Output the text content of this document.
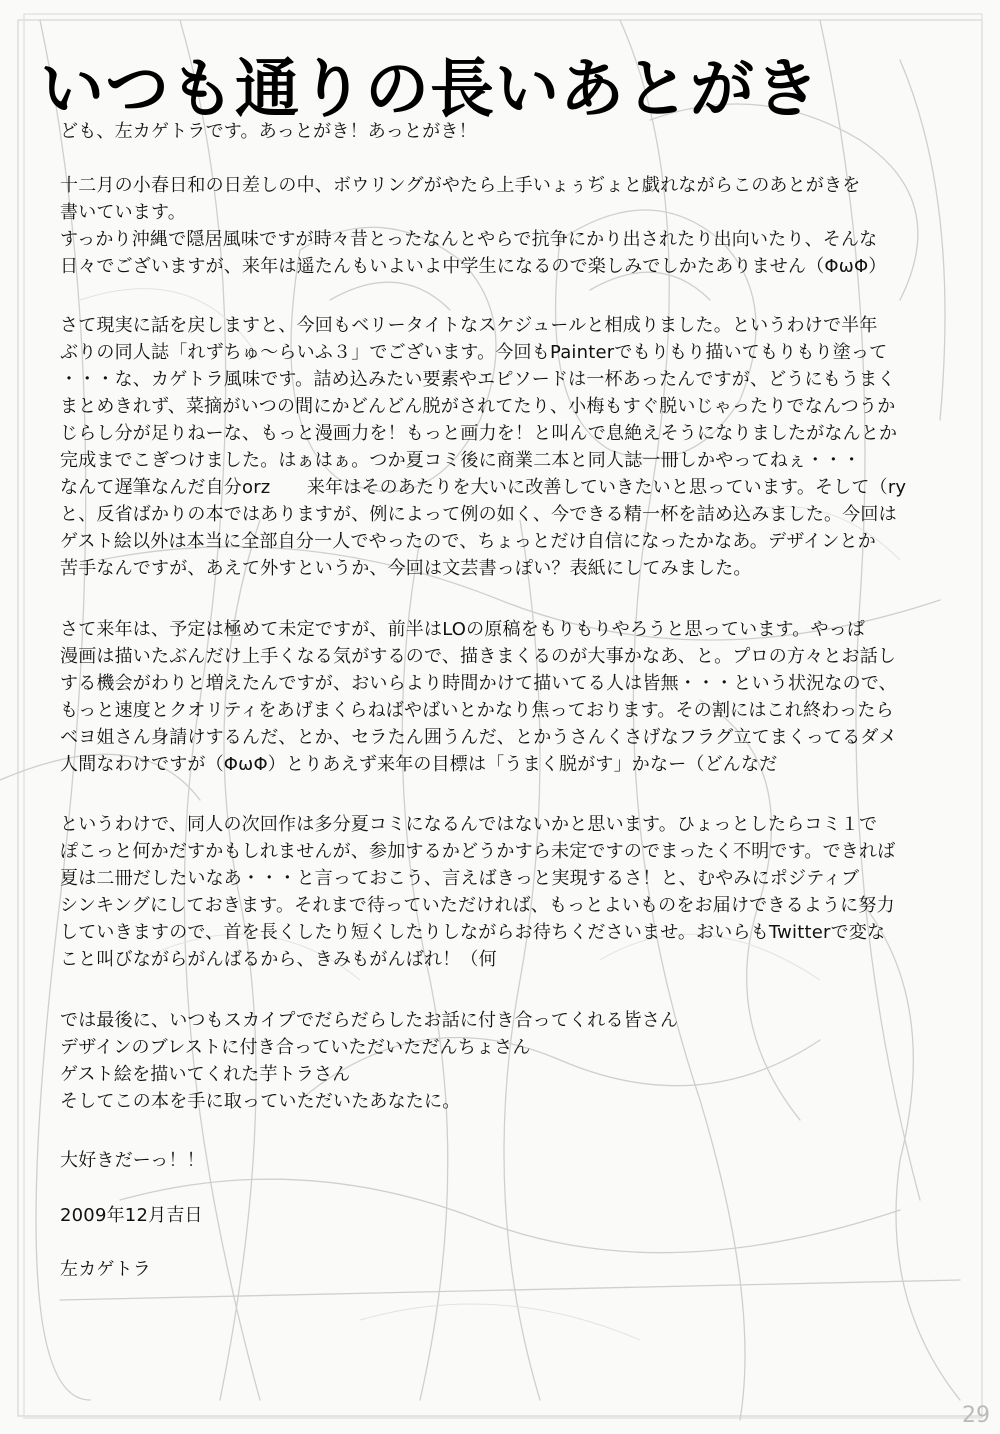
いつも通りの長いあとがき
ども、左カゲトラです。あっとがき！あっとがき！
十二月の小春日和の日差しの中、ボウリングがやたら上手いょぅぢょと戯れながらこのあとがきを
書いています。
すっかり沖縄で隠居風味ですが時々昔とったなんとやらで抗争にかり出されたり出向いたり、そんな
日々でございますが、来年は遥たんもいよいよ中学生になるので楽しみでしかたありません（ΦωΦ）
さて現実に話を戻しますと、今回もベリータイトなスケジュールと相成りました。というわけで半年
ぶりの同人誌「れずちゅ～らいふ３」でございます。今回もPainterでもりもり描いてもりもり塗って
・・・な、カゲトラ風味です。詰め込みたい要素やエピソードは一杯あったんですが、どうにもうまく
まとめきれず、菜摘がいつの間にかどんどん脱がされてたり、小梅もすぐ脱いじゃったりでなんつうか
じらし分が足りねーな、もっと漫画力を！もっと画力を！と叫んで息絶えそうになりましたがなんとか
完成までこぎつけました。はぁはぁ。つか夏コミ後に商業二本と同人誌一冊しかやってねぇ・・・
なんて遅筆なんだ自分orz　　来年はそのあたりを大いに改善していきたいと思っています。そして（ry
と、反省ばかりの本ではありますが、例によって例の如く、今できる精一杯を詰め込みました。今回は
ゲスト絵以外は本当に全部自分一人でやったので、ちょっとだけ自信になったかなあ。デザインとか
苦手なんですが、あえて外すというか、今回は文芸書っぽい？表紙にしてみました。
さて来年は、予定は極めて未定ですが、前半はLOの原稿をもりもりやろうと思っています。やっぱ
漫画は描いたぶんだけ上手くなる気がするので、描きまくるのが大事かなあ、と。プロの方々とお話し
する機会がわりと増えたんですが、おいらより時間かけて描いてる人は皆無・・・という状況なので、
もっと速度とクオリティをあげまくらねばやばいとかなり焦っております。その割にはこれ終わったら
ベヨ姐さん身請けするんだ、とか、セラたん囲うんだ、とかうさんくさげなフラグ立てまくってるダメ
人間なわけですが（ΦωΦ）とりあえず来年の目標は「うまく脱がす」かなー（どんなだ
というわけで、同人の次回作は多分夏コミになるんではないかと思います。ひょっとしたらコミ１で
ぽこっと何かだすかもしれませんが、参加するかどうかすら未定ですのでまったく不明です。できれば
夏は二冊だしたいなあ・・・と言っておこう、言えばきっと実現するさ！と、むやみにポジティブ
シンキングにしておきます。それまで待っていただければ、もっとよいものをお届けできるように努力
していきますので、首を長くしたり短くしたりしながらお待ちくださいませ。おいらもTwitterで変な
こと叫びながらがんばるから、きみもがんばれ！（何
では最後に、いつもスカイプでだらだらしたお話に付き合ってくれる皆さん
デザインのブレストに付き合っていただいただんちょさん
ゲスト絵を描いてくれた芋トラさん
そしてこの本を手に取っていただいたあなたに。
大好きだーっ！！
2009年12月吉日
左カゲトラ
29
